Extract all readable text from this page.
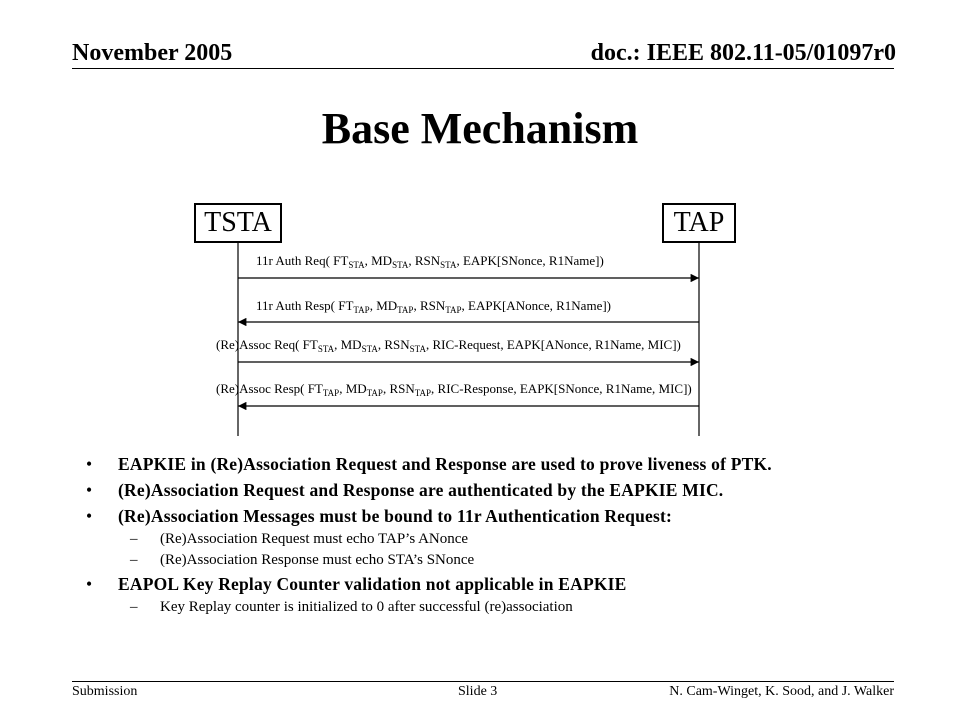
November 2005	doc.: IEEE 802.11-05/01097r0
Base Mechanism
TSTA	TAP
11r Auth Req( $FT_{STA}$, $MD_{STA}$, $RSN_{STA}$, EAPK[SNonce, R1Name])
11r Auth Resp( $FT_{TAP}$, $MD_{TAP}$, $RSN_{TAP}$, EAPK[ANonce, R1Name])
(Re)Assoc Req( $FT_{STA}$, $MD_{STA}$, $RSN_{STA}$, RIC-Request, EAPK[ANonce, R1Name, MIC])
(Re)Assoc Resp( $FT_{TAP}$, $MD_{TAP}$, $RSN_{TAP}$, RIC-Response, EAPK[SNonce, R1Name, MIC])
• EAPKIE in (Re)Association Request and Response are used to prove liveness of PTK.
• (Re)Association Request and Response are authenticated by the EAPKIE MIC.
• (Re)Association Messages must be bound to 11r Authentication Request:
– (Re)Association Request must echo TAP’s ANonce
– (Re)Association Response must echo STA’s SNonce
• EAPOL Key Replay Counter validation not applicable in EAPKIE
– Key Replay counter is initialized to 0 after successful (re)association
Submission	Slide 3	N. Cam-Winget, K. Sood, and J. Walker
